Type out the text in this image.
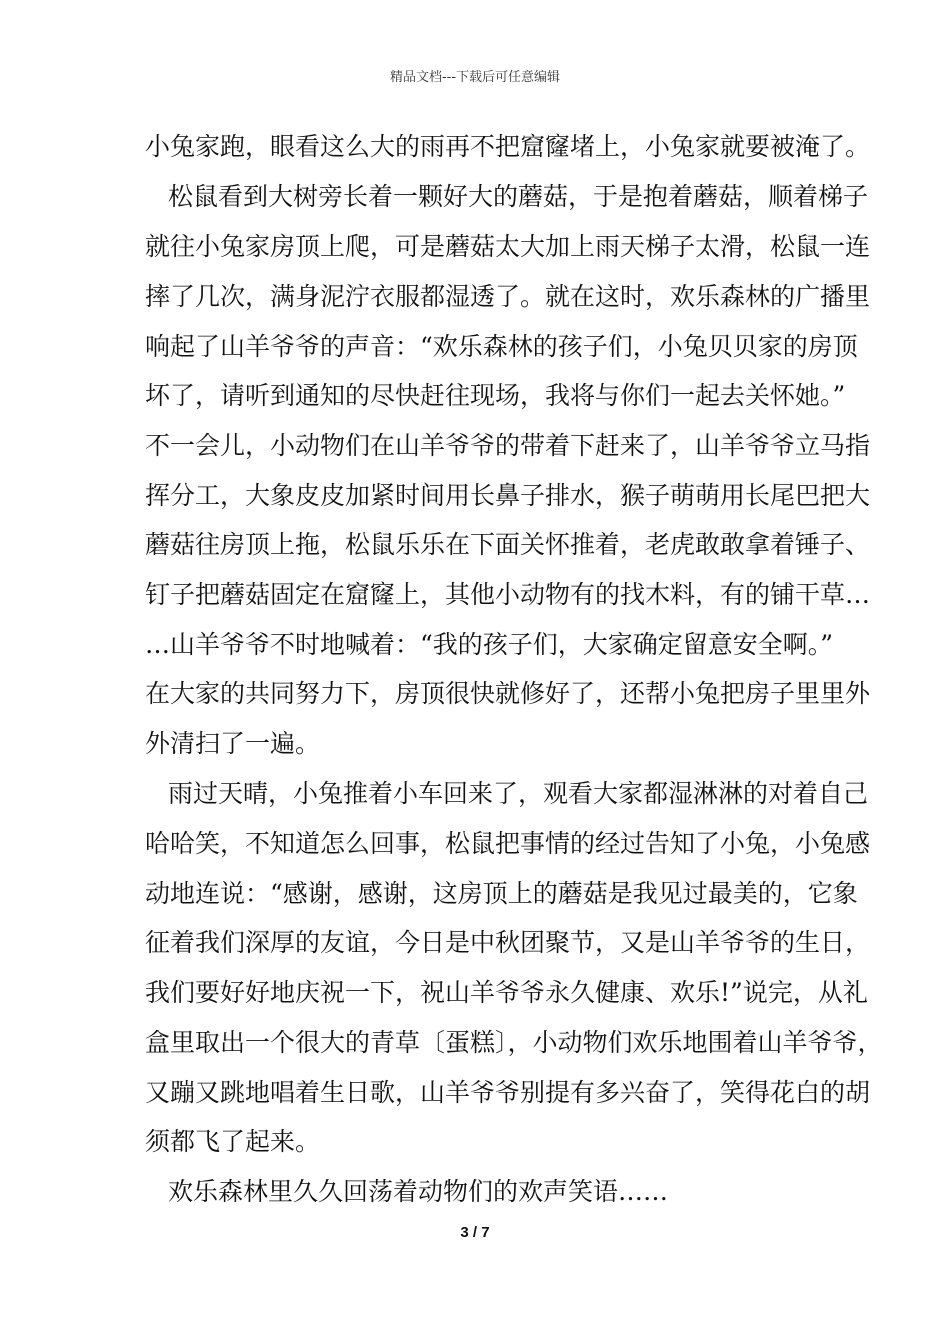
精品文档---下载后可任意编辑
小兔家跑，眼看这么大的雨再不把窟窿堵上，小兔家就要被淹了。
松鼠看到大树旁长着一颗好大的蘑菇，于是抱着蘑菇，顺着梯子
就往小兔家房顶上爬，可是蘑菇太大加上雨天梯子太滑，松鼠一连
摔了几次，满身泥泞衣服都湿透了。就在这时，欢乐森林的广播里
响起了山羊爷爷的声音：“欢乐森林的孩子们，小兔贝贝家的房顶
坏了，请听到通知的尽快赶往现场，我将与你们一起去关怀她。”
不一会儿，小动物们在山羊爷爷的带着下赶来了，山羊爷爷立马指
挥分工，大象皮皮加紧时间用长鼻子排水，猴子萌萌用长尾巴把大
蘑菇往房顶上拖，松鼠乐乐在下面关怀推着，老虎敢敢拿着锤子、
钉子把蘑菇固定在窟窿上，其他小动物有的找木料，有的铺干草…
…山羊爷爷不时地喊着：“我的孩子们，大家确定留意安全啊。”
在大家的共同努力下，房顶很快就修好了，还帮小兔把房子里里外
外清扫了一遍。
雨过天晴，小兔推着小车回来了，观看大家都湿淋淋的对着自己
哈哈笑，不知道怎么回事，松鼠把事情的经过告知了小兔，小兔感
动地连说：“感谢，感谢，这房顶上的蘑菇是我见过最美的，它象
征着我们深厚的友谊，今日是中秋团聚节，又是山羊爷爷的生日，
我们要好好地庆祝一下，祝山羊爷爷永久健康、欢乐!”说完，从礼
盒里取出一个很大的青草〔蛋糕〕，小动物们欢乐地围着山羊爷爷，
又蹦又跳地唱着生日歌，山羊爷爷别提有多兴奋了，笑得花白的胡
须都飞了起来。
欢乐森林里久久回荡着动物们的欢声笑语……
3 / 7
